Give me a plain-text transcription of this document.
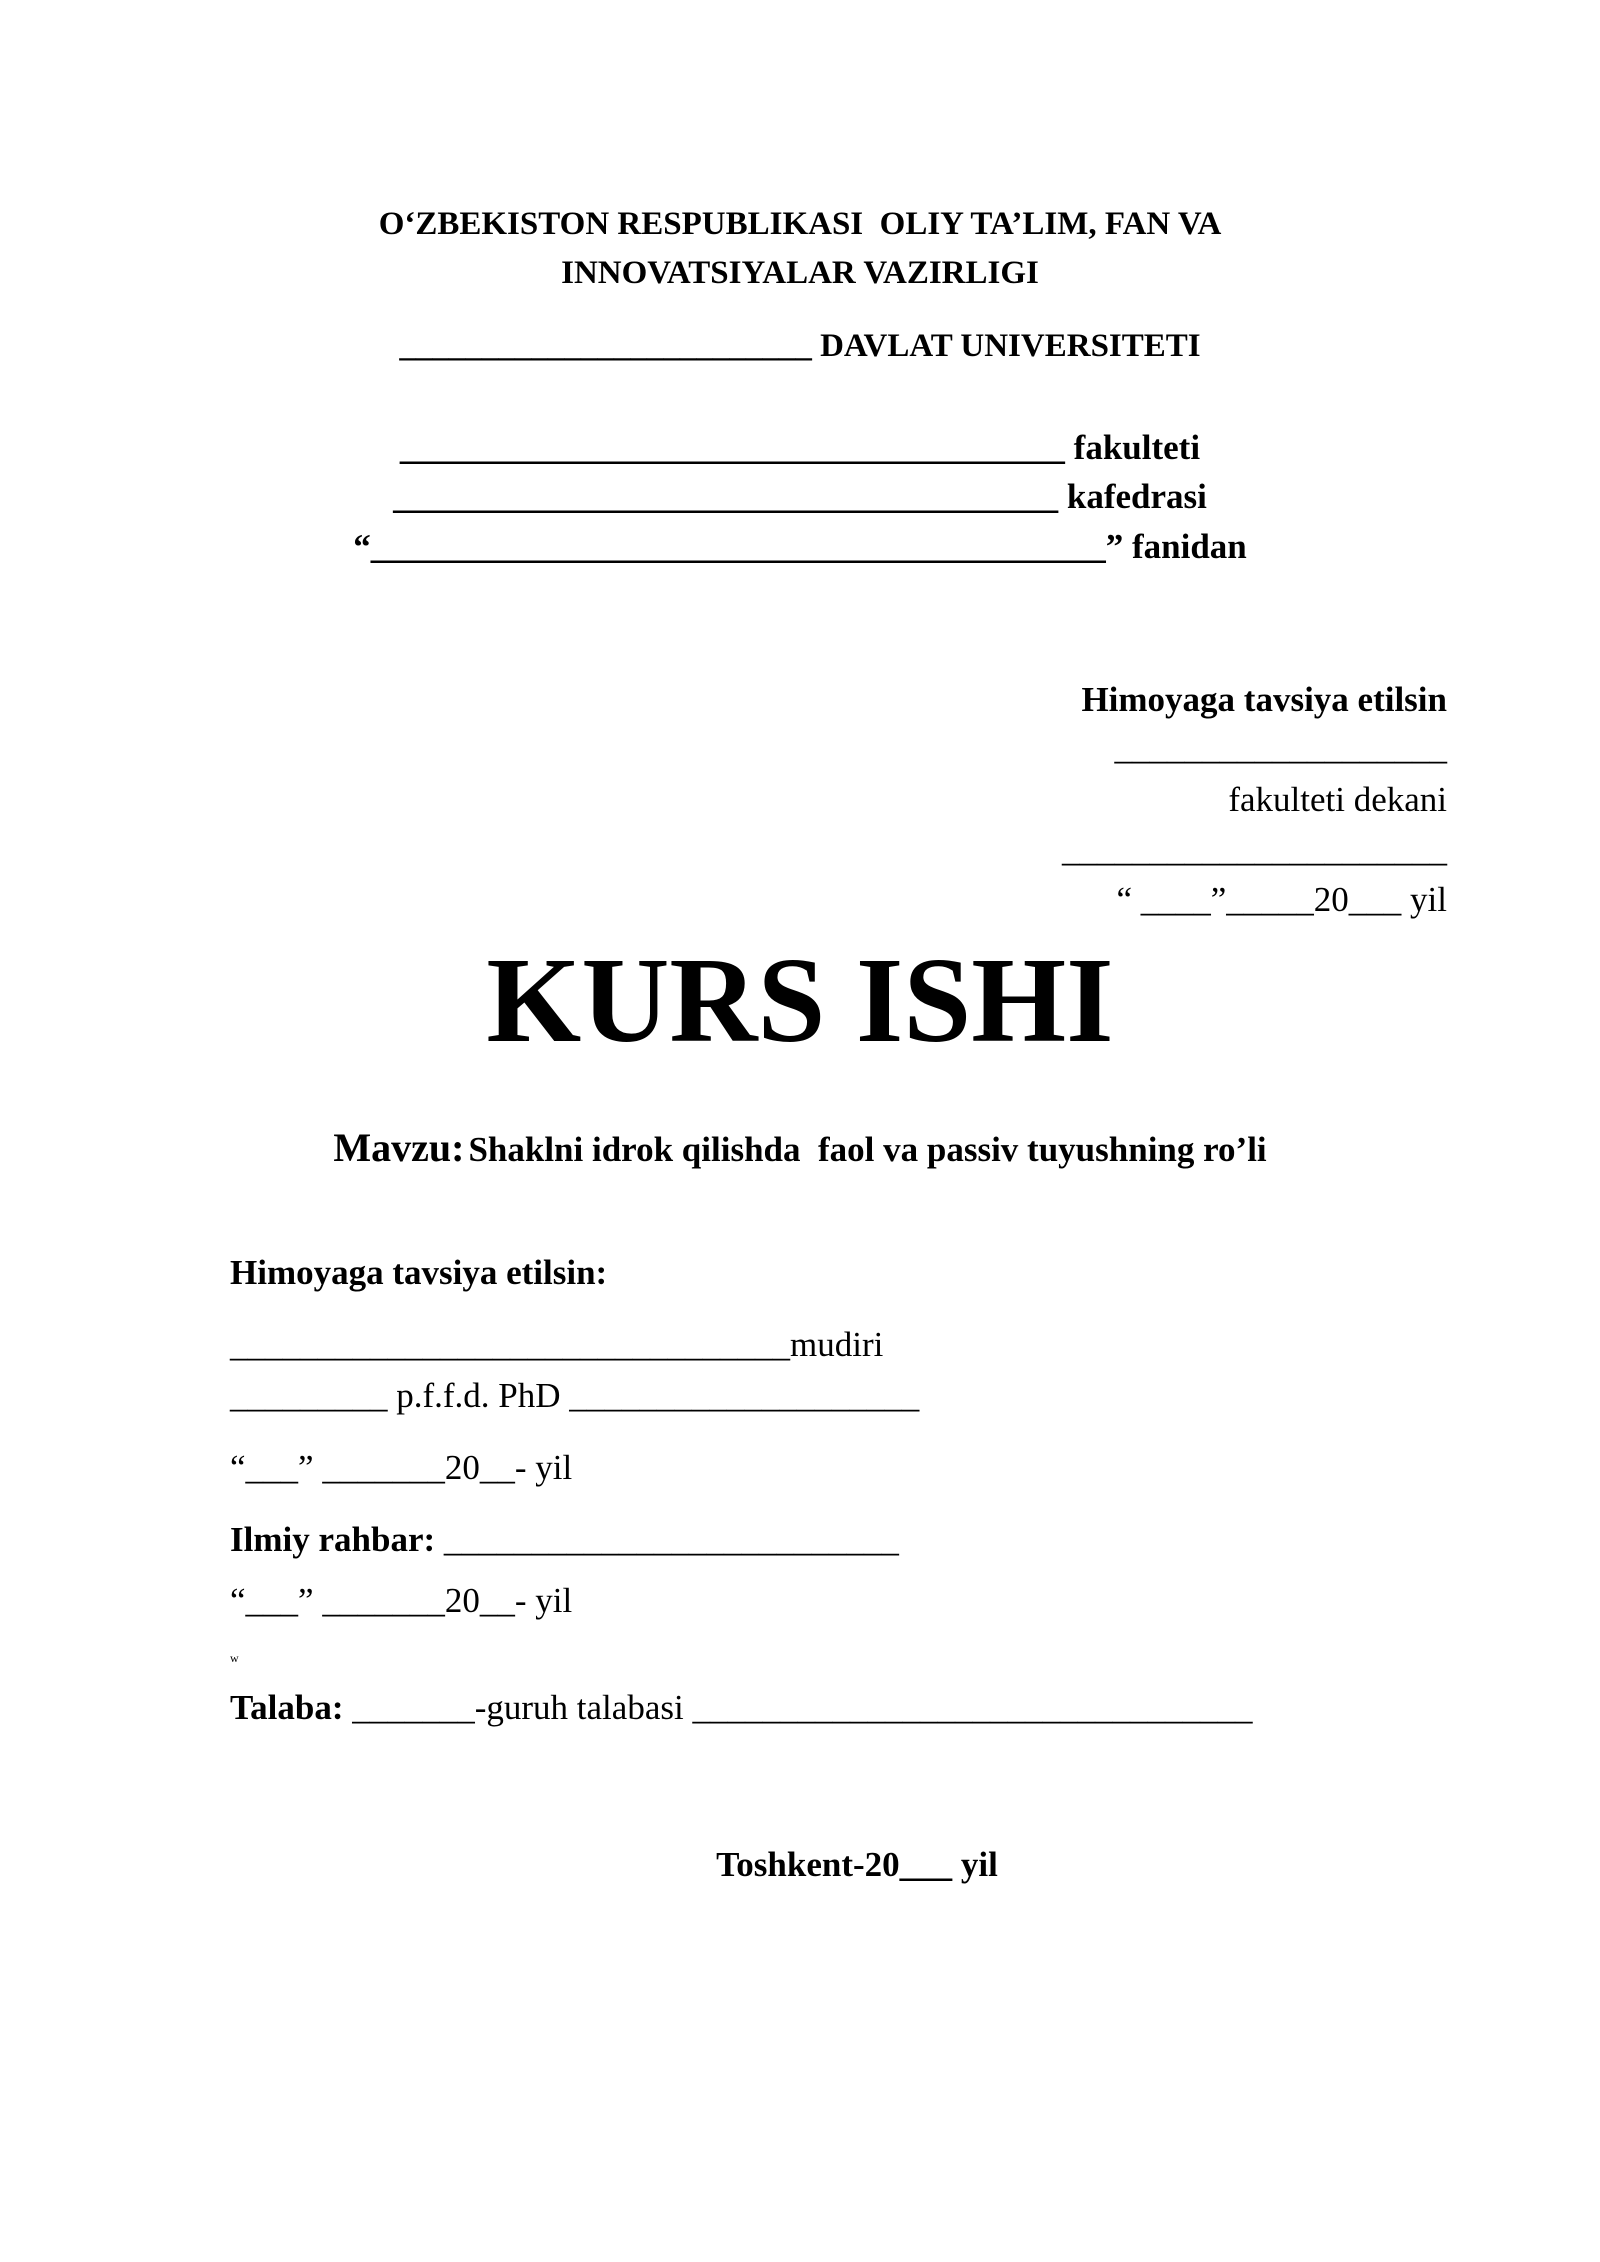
O‘ZBEKISTON RESPUBLIKASI  OLIY TA’LIM, FAN VA
INNOVATSIYALAR VAZIRLIGI
_________________________ DAVLAT UNIVERSITETI
______________________________________ fakulteti
______________________________________ kafedrasi
“__________________________________________” fanidan
Himoyaga tavsiya etilsin
___________________
fakulteti dekani
______________________
“ ____”_____20___ yil
KURS ISHI
Mavzu: Shaklni idrok qilishda  faol va passiv tuyushning ro’li
Himoyaga tavsiya etilsin:
________________________________mudiri
_________ p.f.f.d. PhD ____________________
“___” _______20__- yil
Ilmiy rahbar: __________________________
“___” _______20__- yil
w
Talaba: _______-guruh talabasi ________________________________
Toshkent-20___ yil
